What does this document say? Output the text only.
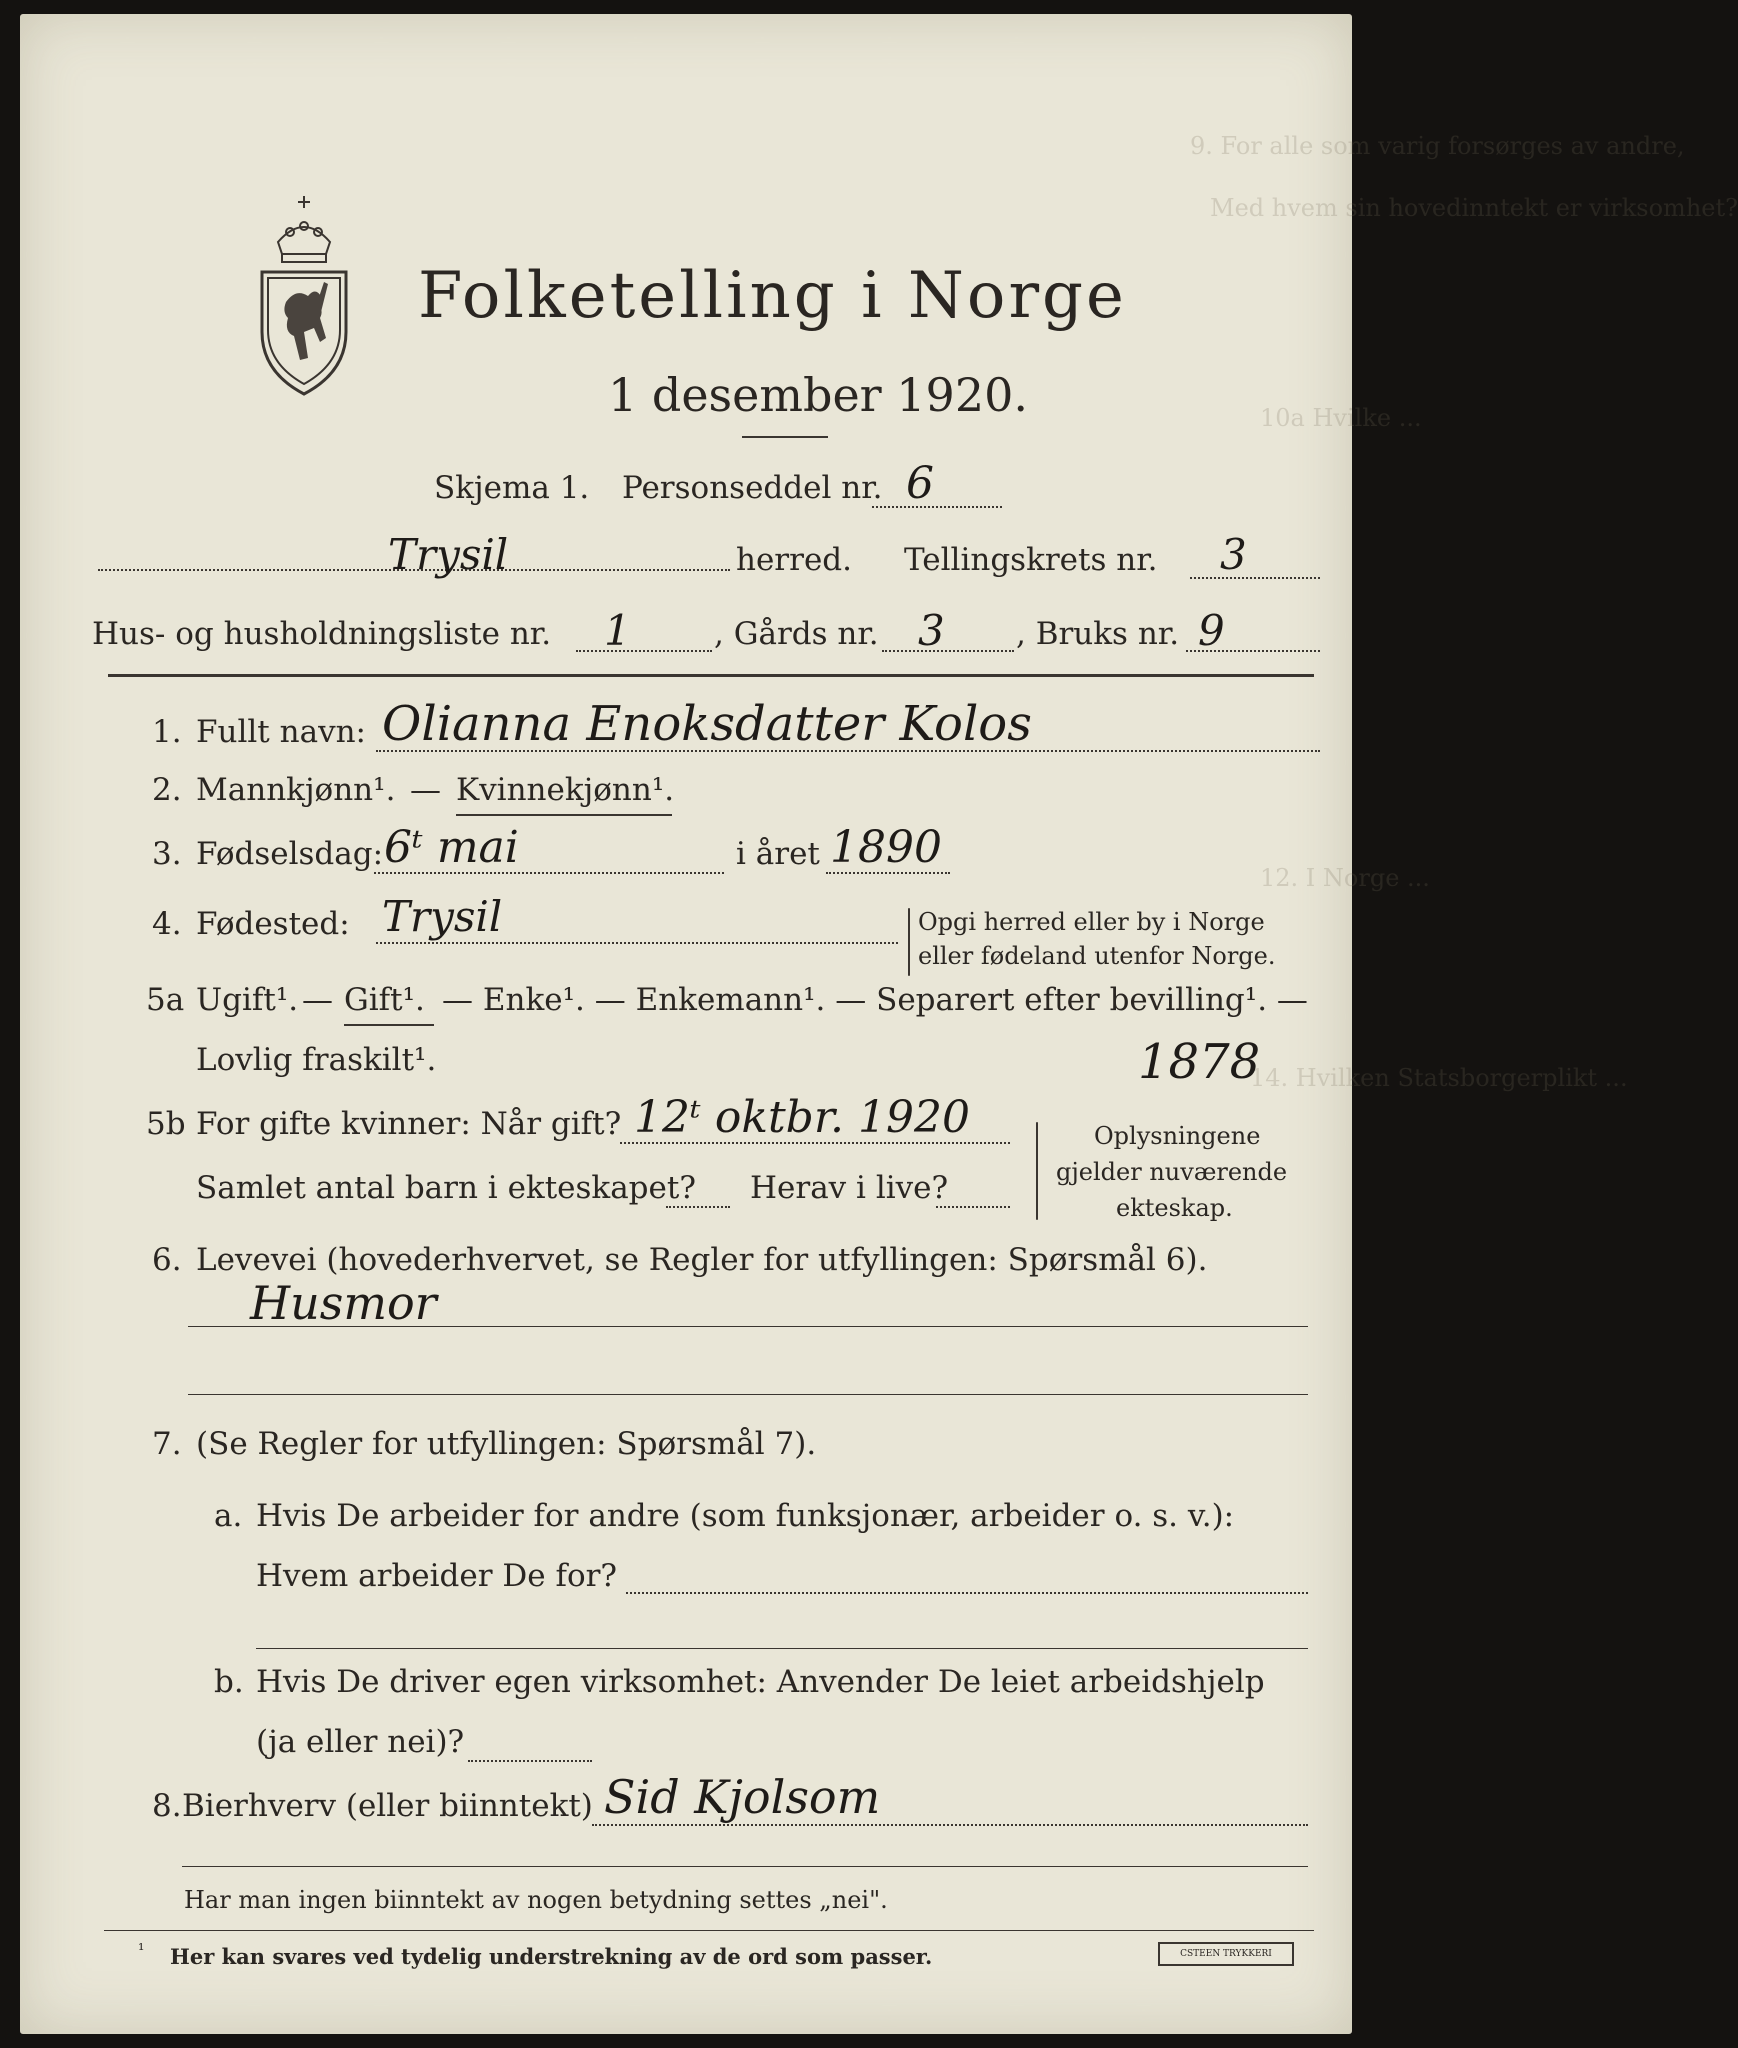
9. For alle som varig forsørges av andre,
Med hvem sin hovedinntekt er virksomhet?
10a Hvilke ...
12. I Norge ...
14. Hvilken Statsborgerplikt ...
Folketelling i Norge
1 desember 1920.
Skjema 1. Personseddel nr. 6
Trysil	herred. Tellingskrets nr. 3
Hus- og husholdningsliste nr. 1	, Gårds nr. 3 , Bruks nr. 9
1. Fullt navn: Olianna Enoksdatter Kolos
2. Mannkjønn¹. — Kvinnekjønn¹.
3. Fødselsdag: 6ᵗ mai	i året 1890
4. Fødested: Trysil	Opgi herred eller by i Norge
eller fødeland utenfor Norge.
5a Ugift¹. — Gift¹. — Enke¹. — Enkemann¹. — Separert efter bevilling¹. —
Lovlig fraskilt¹.	1878
5b For gifte kvinner: Når gift? 12ᵗ oktbr. 1920
Samlet antal barn i ekteskapet? Herav i live?
Oplysningene
gjelder nuværende
ekteskap.
6. Levevei (hovederhvervet, se Regler for utfyllingen: Spørsmål 6).
Husmor
7. (Se Regler for utfyllingen: Spørsmål 7).
a. Hvis De arbeider for andre (som funksjonær, arbeider o. s. v.):
Hvem arbeider De for?
b. Hvis De driver egen virksomhet: Anvender De leiet arbeidshjelp
(ja eller nei)?
8. Bierhverv (eller biinntekt) Sid Kjolsom
Har man ingen biinntekt av nogen betydning settes „nei".
¹ Her kan svares ved tydelig understrekning av de ord som passer.	CSTEEN TRYKKERI
